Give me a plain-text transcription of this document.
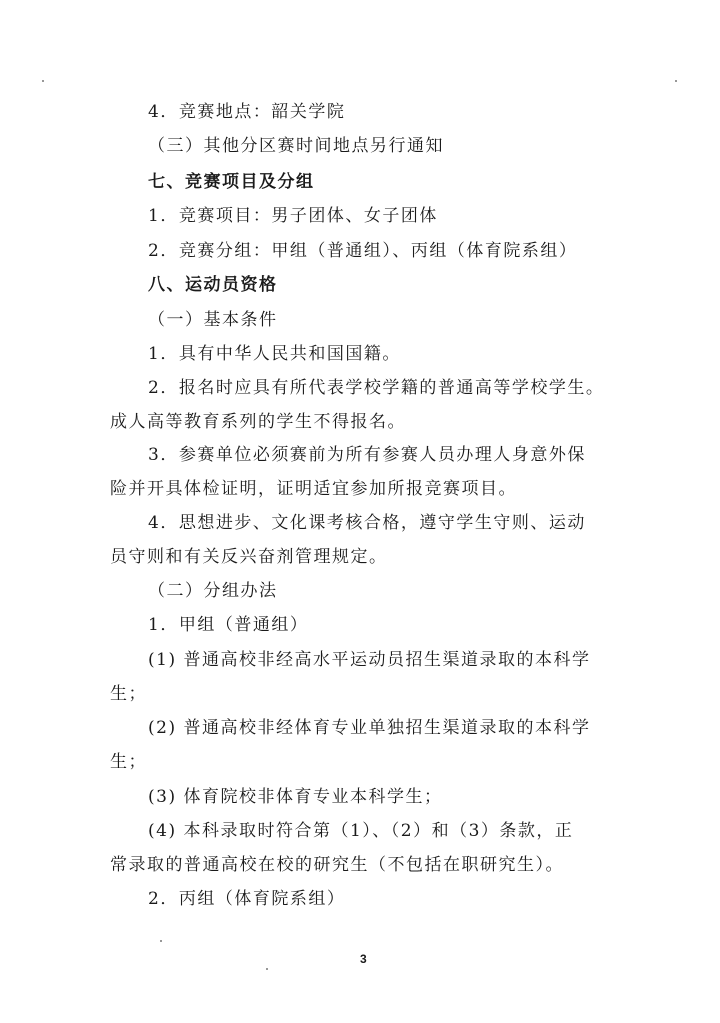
4．竞赛地点：韶关学院
（三）其他分区赛时间地点另行通知
七、竞赛项目及分组
1．竞赛项目：男子团体、女子团体
2．竞赛分组：甲组（普通组）、丙组（体育院系组）
八、运动员资格
（一）基本条件
1．具有中华人民共和国国籍。
2．报名时应具有所代表学校学籍的普通高等学校学生。
成人高等教育系列的学生不得报名。
3．参赛单位必须赛前为所有参赛人员办理人身意外保
险并开具体检证明，证明适宜参加所报竞赛项目。
4．思想进步、文化课考核合格，遵守学生守则、运动
员守则和有关反兴奋剂管理规定。
（二）分组办法
1．甲组（普通组）
(1) 普通高校非经高水平运动员招生渠道录取的本科学
生；
(2) 普通高校非经体育专业单独招生渠道录取的本科学
生；
(3) 体育院校非体育专业本科学生；
(4) 本科录取时符合第（1）、（2）和（3）条款，正
常录取的普通高校在校的研究生（不包括在职研究生）。
2．丙组（体育院系组）
3
